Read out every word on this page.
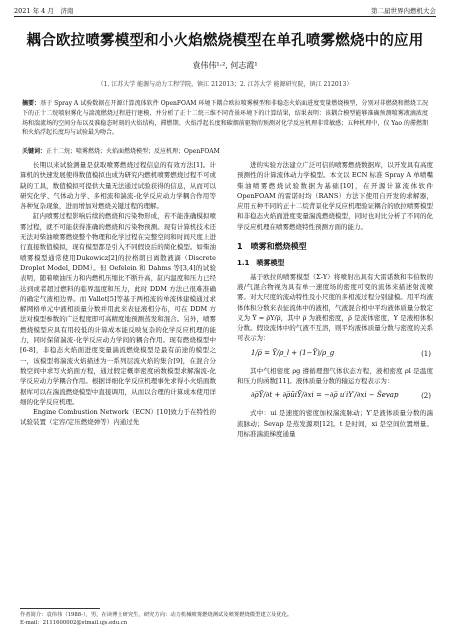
2021 年 4 月　济南	第二届世界内燃机大会
耦合欧拉喷雾模型和小火焰燃烧模型在单孔喷雾燃烧中的应用
袁伟伟¹·², 何志霞¹
（1. 江苏大学 能源与动力工程学院，镇江 212013；2. 江苏大学 能源研究院，镇江 212013）
摘要：基于 Spray A 试验数据在开源计算流体软件 OpenFOAM 环境下耦合欧拉喷雾模型和非稳态火焰面进度变量燃烧模型，分别对非燃烧和燃烧工况下的正十二烷喷射雾化与湍流燃烧过程进行建模，并分析了正十二烷三维不同背景环境下的计算结果，结果表明：该耦合模型能够准确预测喷雾液滴浓度场和湍流场的空间分布以及准稳态时刻的火焰结构，滞燃期、火焰浮起长度和碳烟前驱物的预测对化学反应机理非常敏感；五种机理中，仅 Yao 的滞燃期和火焰浮起长度均与试验最为吻合。
关键词：正十二烷；喷雾燃烧；火焰面燃烧模型；反应机理；OpenFOAM

长期以来试验测量是获取喷雾燃烧过程信息的有效方法[1]。计算机的快速发展使得数值模拟也成为研究内燃机喷雾燃烧过程不可或缺的工具，数值模拟可提供大量无法通过试验获得的信息，从而可以研究化学、气体动力学、多相流和湍流-化学反应动力学耦合作用等各种复杂现象，进而增加对燃烧关键过程的理解。

缸内喷雾过程影响后续的燃烧和污染物形成，若不能准确模拟喷雾过程，就不可能获得准确的燃烧和污染物预测。现有计算机技术还无法对柴油喷雾燃烧整个物理和化学过程在完整空间和时间尺度上进行直接数值模拟，现有模型都是引入不同假设后的简化模型。如柴油喷雾模型通常使用Dukowicz[2]的拉格朗日离散液滴（Discrete Droplet Model, DDM）。但 Oefelein 和 Dahms 等[3,4]的试验表明，随着喷油压力和内燃机压缩比不断升高，缸内温度和压力已经达到或者超过燃料的临界温度和压力，此时 DDM 方法已很难准确的确定气液相边界。而 Vallet[5]等基于两相流的单流体建模通过求解网格单元中液相质量分数并用此来表征液相分布，可在 DDM 方法对模型参数的广泛程度即可高精度地预测蒸发和混合。另外，喷雾燃烧模型应具有用较低的计算成本能反映复杂的化学反应机理的能力，同时保留湍流-化学反应动力学间的耦合作用。现有燃烧模型中[6-8]，非稳态火焰面进度变量湍流燃烧模型是最有前途的模型之一，该模型将湍流火焰描述为一系列层流火焰的集合[9]，在混合分数空间中求写火焰面方程，通过假定概率密度函数模型求解湍流-化学反应动力学耦合作用。根据详细化学反应机理事先求得小火焰面数据库可以在湍流燃烧模型中直接调用，从而以合理的计算成本使用详细的化学反应机理。

Engine Combustion Network（ECN）[10]致力于在特性的试验装置（定容/定压燃烧弹等）内通过先

进的实验方法建立广泛可信的喷雾燃烧数据库，以开发具有高度预测性的计算流体动力学模型。本文以 ECN 标准 Spray A 单喷嘴柴油喷雾燃烧试验数据为基础[10]，在开源计算流体软件 OpenFOAM 的雷诺时均（RANS）方法下使用自开发的求解器，应用五种不同的正十二烷背景化学反应机理验证耦合的欧拉喷雾模型和非稳态火焰面进度变量湍流燃烧模型，同时也对比分析了不同的化学反应机理在喷雾燃烧特性预测方面的能力。

1　喷雾和燃烧模型
1.1　喷雾模型

基于欧拉的喷雾模型（Σ-Y）将喷射出具有大雷诺数和韦伯数的液/气混合物视为具有单一速度场的密度可变的流体来描述射流喷雾。对大尺度的流动特性及小尺度的多相流过程分别建模。用平均液体体积分数来表征流体中的液相，气液混合相中平均液体质量分数定义为 Y̅ = ρ̅Y/ρ̅，其中 ρ̅ 为液相密度，ρ̅ 是流体密度，Y 是液相体积分数。假设流体中的气液不互溶，则平均液体质量分数与密度的关系可表示为：

1/ρ̅ = Ỹ/ρ_l + (1−Ỹ)/ρ_g	(1)

其中气相密度 ρg 遵循理想气体状态方程，液相密度 ρl 是温度和压力的函数[11]。液体质量分数的输运方程表示为：

∂ρ̅Ỹ/∂t + ∂ρ̅ũiỸ/∂xi = −∂ρ̅ u′iY′/∂xi − Ṡevap	(2)

式中：ui 是速度的密度加权湍流脉动；Y′是液体质量分数的湍流脉动；Ṡevap 是蒸发源项[12]。t 是时间，xi 是空间位置增量。用标准湍流梯度通量

作者简介：袁伟伟（1988-），男，在读博士研究生，研究方向：动力机械喷雾燃烧测试及喷雾燃烧模型建立及优化。
E-mail：2111600002@stmail.ujs.edu.cn
